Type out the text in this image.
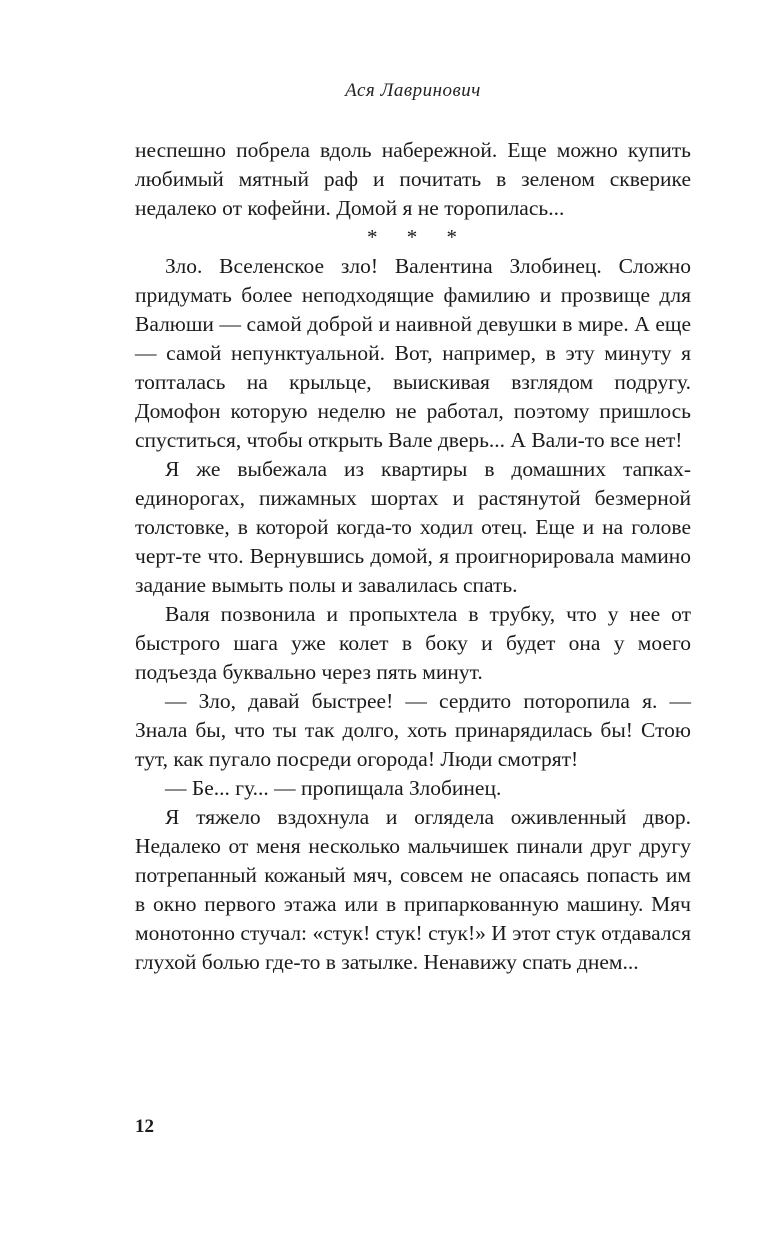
Ася Лавринович

неспешно побрела вдоль набережной. Еще можно купить любимый мятный раф и почитать в зеленом скверике недалеко от кофейни. Домой я не торопилась...

* * *

Зло. Вселенское зло! Валентина Злобинец. Сложно придумать более неподходящие фамилию и прозвище для Валюши — самой доброй и наивной девушки в мире. А еще — самой непунктуальной. Вот, например, в эту минуту я топталась на крыльце, выискивая взглядом подругу. Домофон которую неделю не работал, поэтому пришлось спуститься, чтобы открыть Вале дверь... А Вали-то все нет!

Я же выбежала из квартиры в домашних тапках-единорогах, пижамных шортах и растянутой безмерной толстовке, в которой когда-то ходил отец. Еще и на голове черт-те что. Вернувшись домой, я проигнорировала мамино задание вымыть полы и завалилась спать.

Валя позвонила и пропыхтела в трубку, что у нее от быстрого шага уже колет в боку и будет она у моего подъезда буквально через пять минут.

— Зло, давай быстрее! — сердито поторопила я. — Знала бы, что ты так долго, хоть принарядилась бы! Стою тут, как пугало посреди огорода! Люди смотрят!

— Бе... гу... — пропищала Злобинец.

Я тяжело вздохнула и оглядела оживленный двор. Недалеко от меня несколько мальчишек пинали друг другу потрепанный кожаный мяч, совсем не опасаясь попасть им в окно первого этажа или в припаркованную машину. Мяч монотонно стучал: «стук! стук! стук!» И этот стук отдавался глухой болью где-то в затылке. Ненавижу спать днем...

12
